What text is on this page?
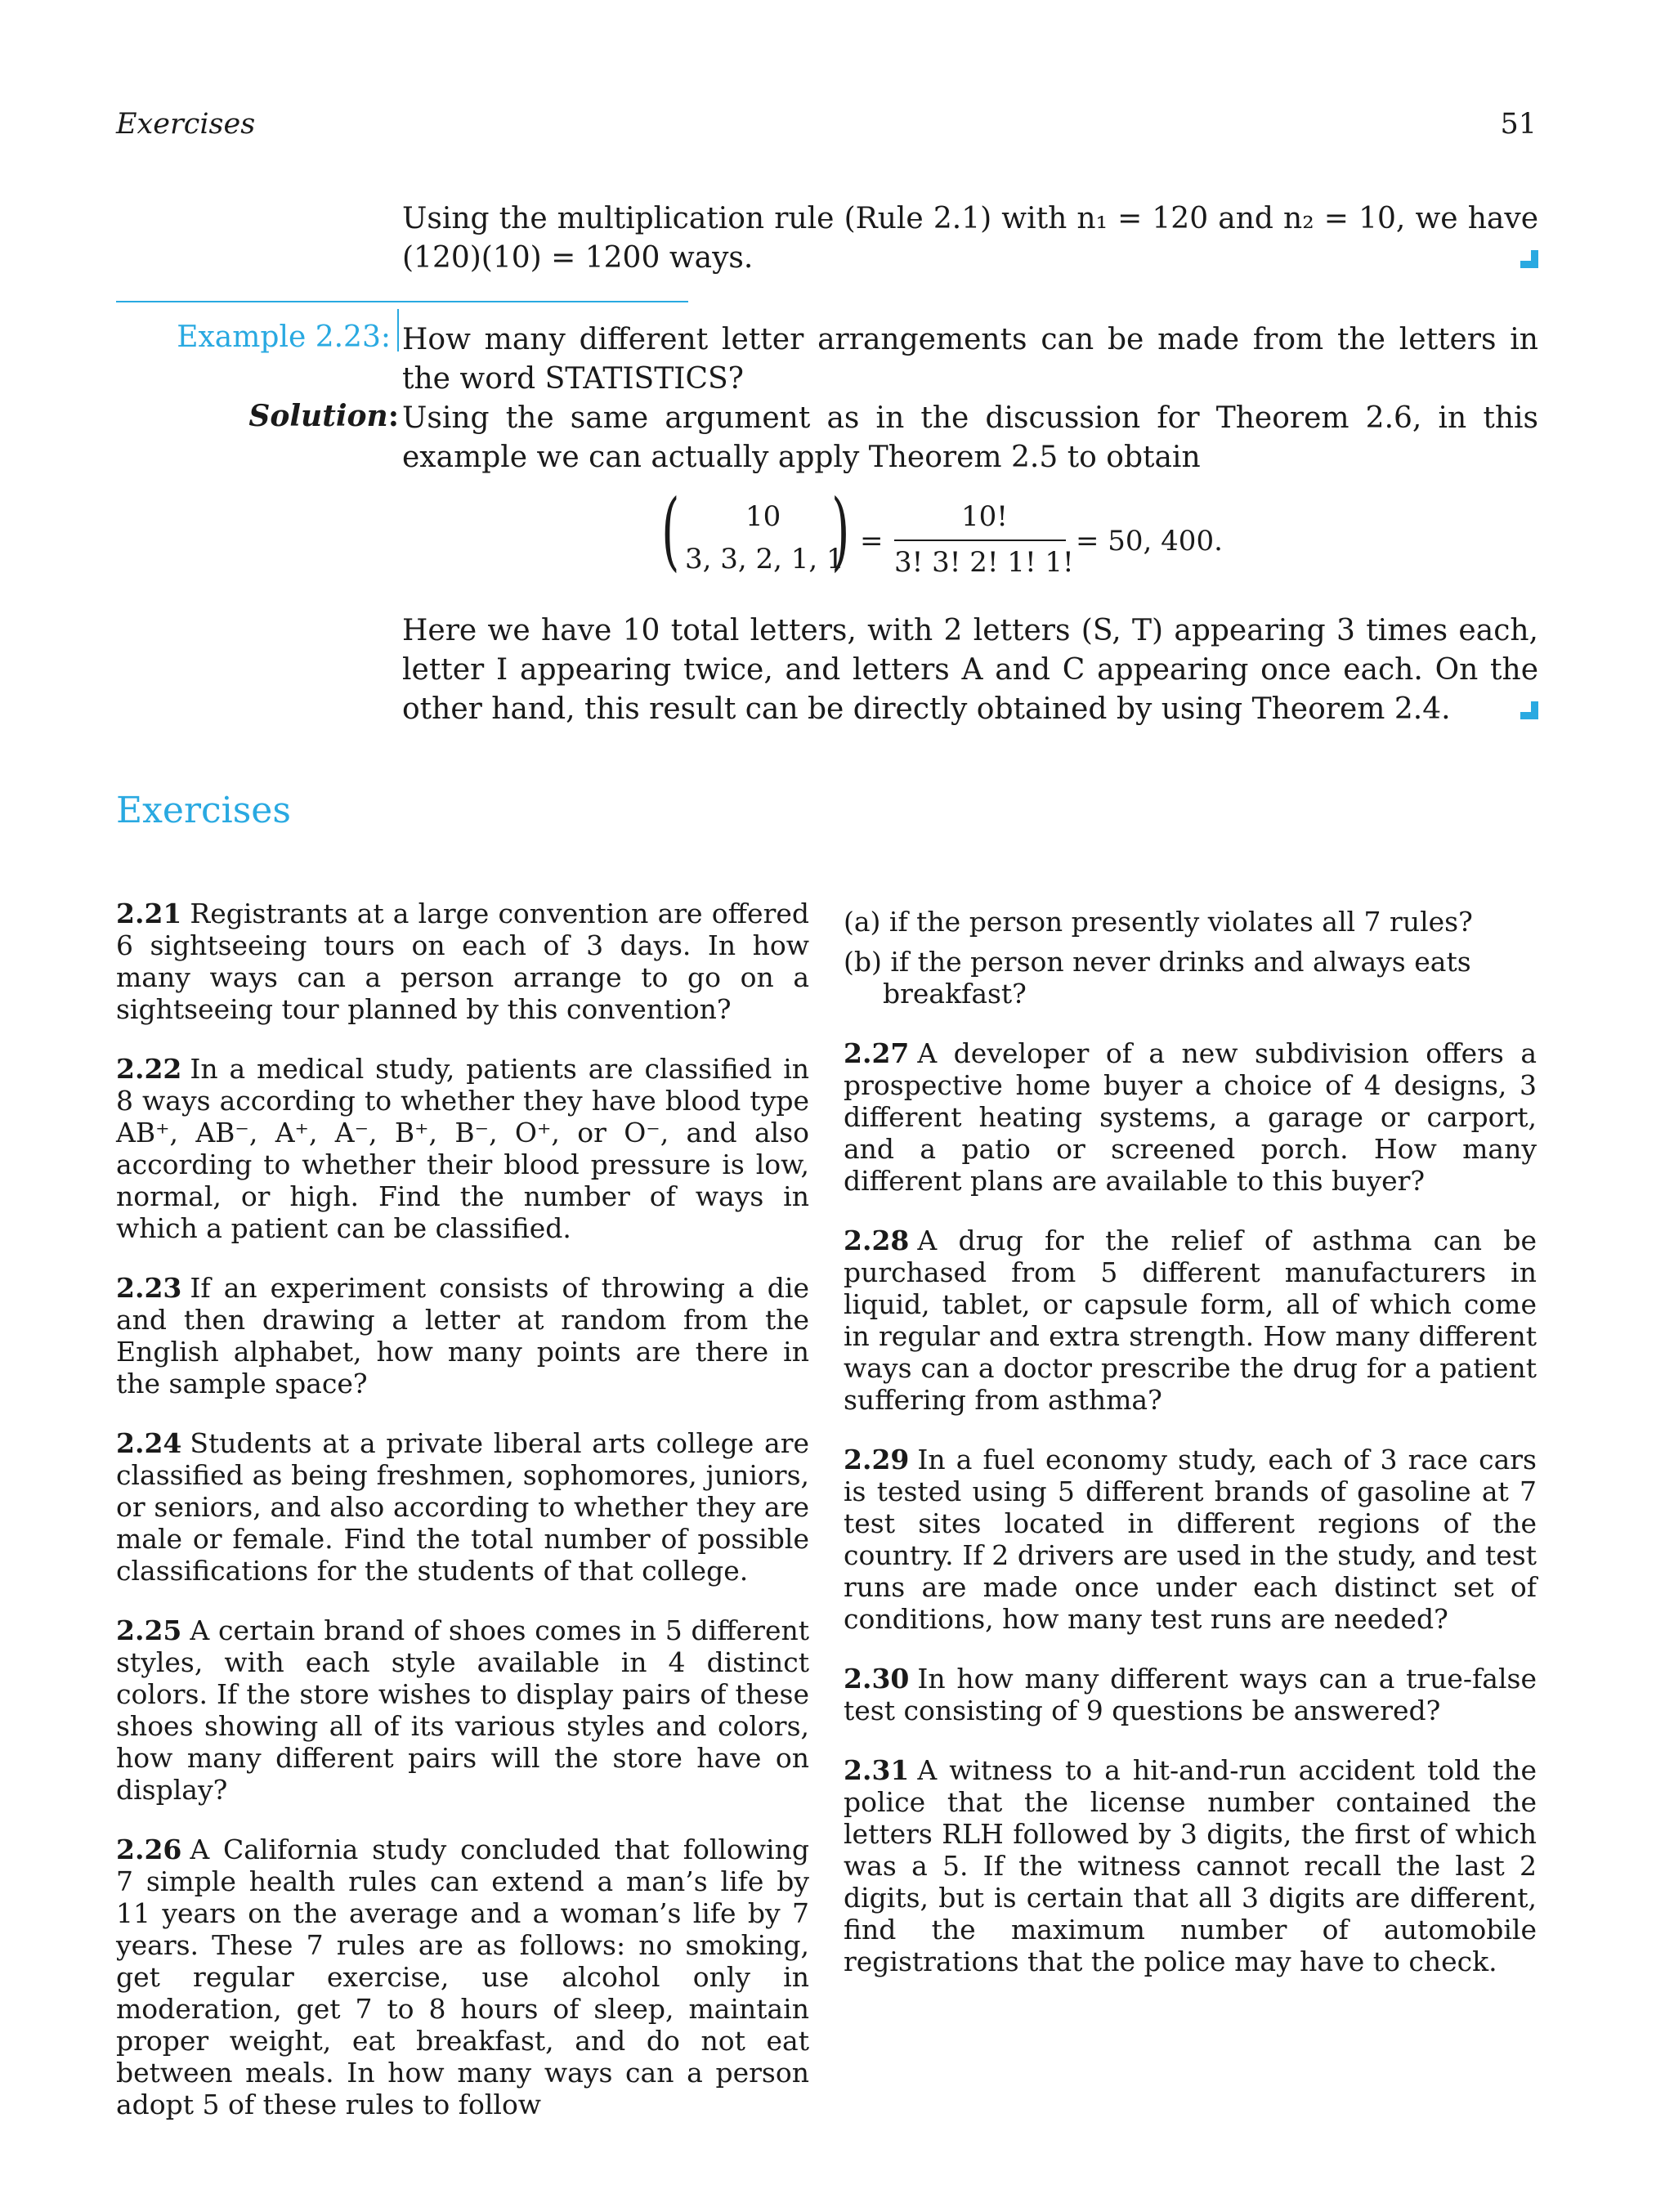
Exercises	51
Using the multiplication rule (Rule 2.1) with n₁ = 120 and n₂ = 10, we have (120)(10) = 1200 ways.
Example 2.23: How many different letter arrangements can be made from the letters in the word STATISTICS?
Solution: Using the same argument as in the discussion for Theorem 2.6, in this example we can actually apply Theorem 2.5 to obtain
( 10
3, 3, 2, 1, 1
) =
10!
3! 3! 2! 1! 1!
= 50, 400.
Here we have 10 total letters, with 2 letters (S, T) appearing 3 times each, letter I appearing twice, and letters A and C appearing once each. On the other hand, this result can be directly obtained by using Theorem 2.4.
Exercises

2.21 Registrants at a large convention are offered 6 sightseeing tours on each of 3 days. In how many ways can a person arrange to go on a sightseeing tour planned by this convention?

2.22 In a medical study, patients are classified in 8 ways according to whether they have blood type AB⁺, AB⁻, A⁺, A⁻, B⁺, B⁻, O⁺, or O⁻, and also according to whether their blood pressure is low, normal, or high. Find the number of ways in which a patient can be classified.

2.23 If an experiment consists of throwing a die and then drawing a letter at random from the English alphabet, how many points are there in the sample space?

2.24 Students at a private liberal arts college are classified as being freshmen, sophomores, juniors, or seniors, and also according to whether they are male or female. Find the total number of possible classifications for the students of that college.

2.25 A certain brand of shoes comes in 5 different styles, with each style available in 4 distinct colors. If the store wishes to display pairs of these shoes showing all of its various styles and colors, how many different pairs will the store have on display?

2.26 A California study concluded that following 7 simple health rules can extend a man’s life by 11 years on the average and a woman’s life by 7 years. These 7 rules are as follows: no smoking, get regular exercise, use alcohol only in moderation, get 7 to 8 hours of sleep, maintain proper weight, eat breakfast, and do not eat between meals. In how many ways can a person adopt 5 of these rules to follow

(a) if the person presently violates all 7 rules?

(b) if the person never drinks and always eats breakfast?

2.27 A developer of a new subdivision offers a prospective home buyer a choice of 4 designs, 3 different heating systems, a garage or carport, and a patio or screened porch. How many different plans are available to this buyer?

2.28 A drug for the relief of asthma can be purchased from 5 different manufacturers in liquid, tablet, or capsule form, all of which come in regular and extra strength. How many different ways can a doctor prescribe the drug for a patient suffering from asthma?

2.29 In a fuel economy study, each of 3 race cars is tested using 5 different brands of gasoline at 7 test sites located in different regions of the country. If 2 drivers are used in the study, and test runs are made once under each distinct set of conditions, how many test runs are needed?

2.30 In how many different ways can a true-false test consisting of 9 questions be answered?

2.31 A witness to a hit-and-run accident told the police that the license number contained the letters RLH followed by 3 digits, the first of which was a 5. If the witness cannot recall the last 2 digits, but is certain that all 3 digits are different, find the maximum number of automobile registrations that the police may have to check.
